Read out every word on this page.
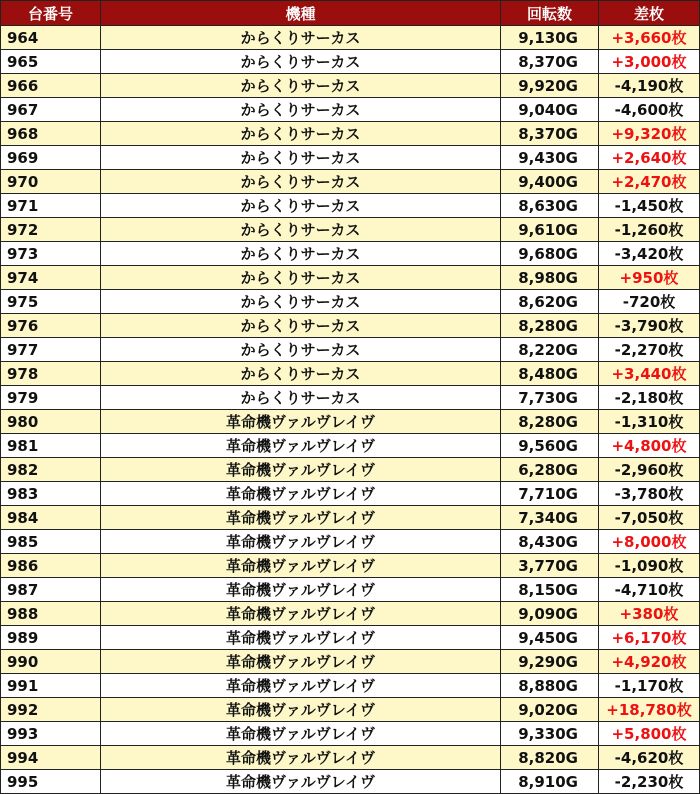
台番号	機種	回転数	差枚
964	からくりサーカス	9,130G	+3,660枚
965	からくりサーカス	8,370G	+3,000枚
966	からくりサーカス	9,920G	-4,190枚
967	からくりサーカス	9,040G	-4,600枚
968	からくりサーカス	8,370G	+9,320枚
969	からくりサーカス	9,430G	+2,640枚
970	からくりサーカス	9,400G	+2,470枚
971	からくりサーカス	8,630G	-1,450枚
972	からくりサーカス	9,610G	-1,260枚
973	からくりサーカス	9,680G	-3,420枚
974	からくりサーカス	8,980G	+950枚
975	からくりサーカス	8,620G	-720枚
976	からくりサーカス	8,280G	-3,790枚
977	からくりサーカス	8,220G	-2,270枚
978	からくりサーカス	8,480G	+3,440枚
979	からくりサーカス	7,730G	-2,180枚
980	革命機ヴァルヴレイヴ	8,280G	-1,310枚
981	革命機ヴァルヴレイヴ	9,560G	+4,800枚
982	革命機ヴァルヴレイヴ	6,280G	-2,960枚
983	革命機ヴァルヴレイヴ	7,710G	-3,780枚
984	革命機ヴァルヴレイヴ	7,340G	-7,050枚
985	革命機ヴァルヴレイヴ	8,430G	+8,000枚
986	革命機ヴァルヴレイヴ	3,770G	-1,090枚
987	革命機ヴァルヴレイヴ	8,150G	-4,710枚
988	革命機ヴァルヴレイヴ	9,090G	+380枚
989	革命機ヴァルヴレイヴ	9,450G	+6,170枚
990	革命機ヴァルヴレイヴ	9,290G	+4,920枚
991	革命機ヴァルヴレイヴ	8,880G	-1,170枚
992	革命機ヴァルヴレイヴ	9,020G	+18,780枚
993	革命機ヴァルヴレイヴ	9,330G	+5,800枚
994	革命機ヴァルヴレイヴ	8,820G	-4,620枚
995	革命機ヴァルヴレイヴ	8,910G	-2,230枚
